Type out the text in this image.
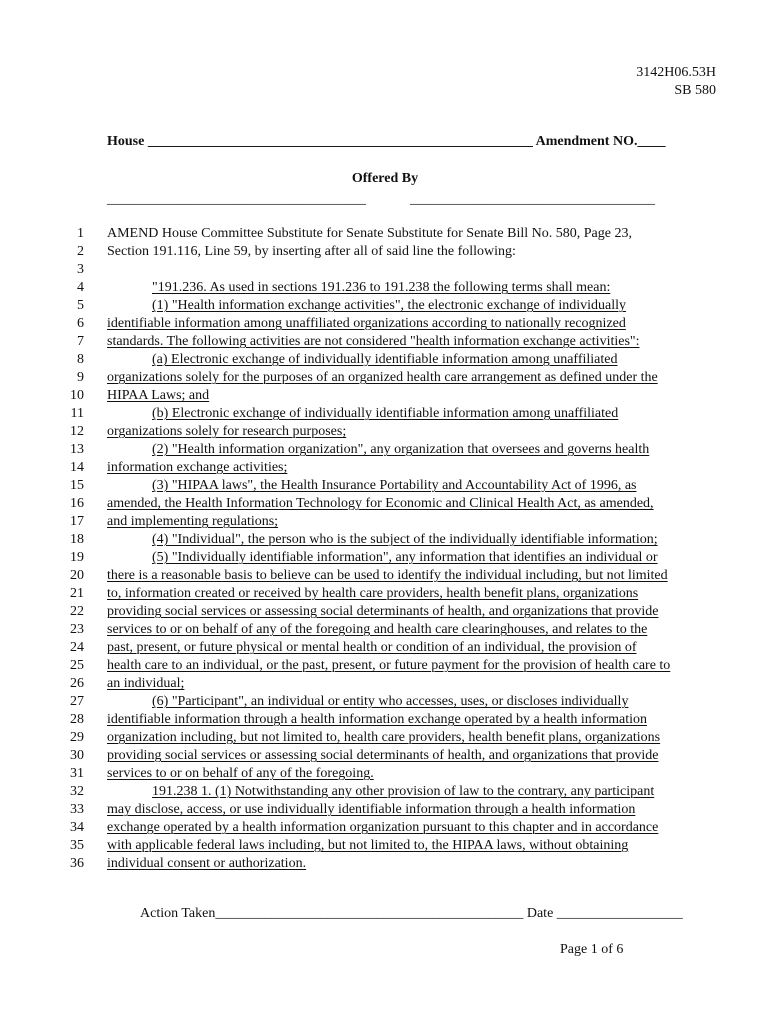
3142H06.53H
SB 580
House _______________________________________________________ Amendment NO.____
Offered By
_____________________________________	___________________________________
1 AMEND House Committee Substitute for Senate Substitute for Senate Bill No. 580, Page 23,
2 Section 191.116, Line 59, by inserting after all of said line the following:
3
4	"191.236. As used in sections 191.236 to 191.238 the following terms shall mean:
5	(1) "Health information exchange activities", the electronic exchange of individually
6 identifiable information among unaffiliated organizations according to nationally recognized
7 standards. The following activities are not considered "health information exchange activities":
8	(a) Electronic exchange of individually identifiable information among unaffiliated
9 organizations solely for the purposes of an organized health care arrangement as defined under the
10 HIPAA Laws; and
11	(b) Electronic exchange of individually identifiable information among unaffiliated
12 organizations solely for research purposes;
13	(2) "Health information organization", any organization that oversees and governs health
14 information exchange activities;
15	(3) "HIPAA laws", the Health Insurance Portability and Accountability Act of 1996, as
16 amended, the Health Information Technology for Economic and Clinical Health Act, as amended,
17 and implementing regulations;
18	(4) "Individual", the person who is the subject of the individually identifiable information;
19	(5) "Individually identifiable information", any information that identifies an individual or
20 there is a reasonable basis to believe can be used to identify the individual including, but not limited
21 to, information created or received by health care providers, health benefit plans, organizations
22 providing social services or assessing social determinants of health, and organizations that provide
23 services to or on behalf of any of the foregoing and health care clearinghouses, and relates to the
24 past, present, or future physical or mental health or condition of an individual, the provision of
25 health care to an individual, or the past, present, or future payment for the provision of health care to
26 an individual;
27	(6) "Participant", an individual or entity who accesses, uses, or discloses individually
28 identifiable information through a health information exchange operated by a health information
29 organization including, but not limited to, health care providers, health benefit plans, organizations
30 providing social services or assessing social determinants of health, and organizations that provide
31 services to or on behalf of any of the foregoing.
32	191.238 1. (1) Notwithstanding any other provision of law to the contrary, any participant
33 may disclose, access, or use individually identifiable information through a health information
34 exchange operated by a health information organization pursuant to this chapter and in accordance
35 with applicable federal laws including, but not limited to, the HIPAA laws, without obtaining
36 individual consent or authorization.
Action Taken____________________________________________ Date __________________
Page 1 of 6
